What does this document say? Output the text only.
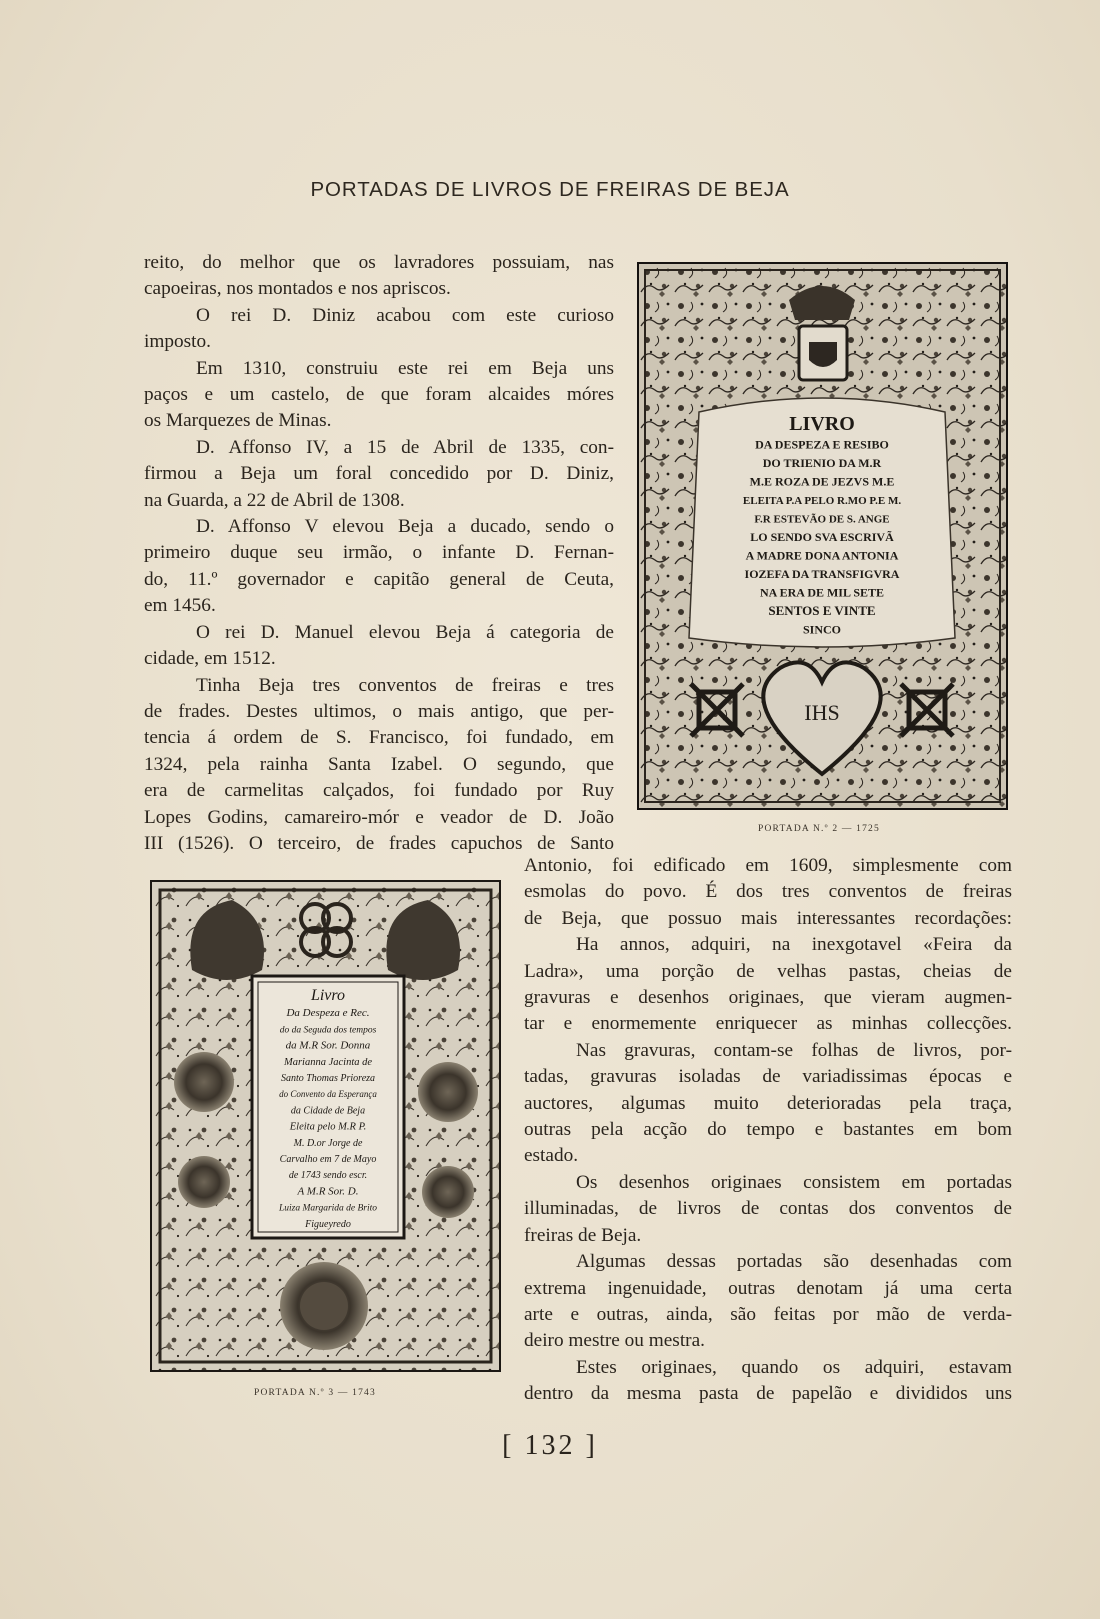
PORTADAS DE LIVROS DE FREIRAS DE BEJA
reito, do melhor que os lavradores possuiam, nas
capoeiras, nos montados e nos apriscos.
O rei D. Diniz acabou com este curioso
imposto.
Em 1310, construiu este rei em Beja uns
paços e um castelo, de que foram alcaides móres
os Marquezes de Minas.
D. Affonso IV, a 15 de Abril de 1335, con-
firmou a Beja um foral concedido por D. Diniz,
na Guarda, a 22 de Abril de 1308.
D. Affonso V elevou Beja a ducado, sendo o
primeiro duque seu irmão, o infante D. Fernan-
do, 11.º governador e capitão general de Ceuta,
em 1456.
O rei D. Manuel elevou Beja á categoria de
cidade, em 1512.
Tinha Beja tres conventos de freiras e tres
de frades. Destes ultimos, o mais antigo, que per-
tencia á ordem de S. Francisco, foi fundado, em
1324, pela rainha Santa Izabel. O segundo, que
era de carmelitas calçados, foi fundado por Ruy
Lopes Godins, camareiro-mór e veador de D. João
III (1526). O terceiro, de frades capuchos de Santo
LIVRO
DA DESPEZA E RESIBO
DO TRIENIO DA M.R
M.E ROZA DE JEZVS M.E
ELEITA P.A PELO R.MO P.E M.
F.R ESTEVÃO DE S. ANGE
LO SENDO SVA ESCRIVÃ
A MADRE DONA ANTONIA
IOZEFA DA TRANSFIGVRA
NA ERA DE MIL SETE
SENTOS E VINTE
SINCO
IHS
PORTADA N.º 2 — 1725
Livro
Da Despeza e Rec.
do da Seguda dos tempos
da M.R Sor. Donna
Marianna Jacinta de
Santo Thomas Prioreza
do Convento da Esperança
da Cidade de Beja
Eleita pelo M.R P.
M. D.or Jorge de
Carvalho em 7 de Mayo
de 1743 sendo escr.
A M.R Sor. D.
Luiza Margarida de Brito
Figueyredo
PORTADA N.º 3 — 1743
Antonio, foi edificado em 1609, simplesmente com
esmolas do povo. É dos tres conventos de freiras
de Beja, que possuo mais interessantes recordações:
Ha annos, adquiri, na inexgotavel «Feira da
Ladra», uma porção de velhas pastas, cheias de
gravuras e desenhos originaes, que vieram augmen-
tar e enormemente enriquecer as minhas collecções.
Nas gravuras, contam-se folhas de livros, por-
tadas, gravuras isoladas de variadissimas épocas e
auctores, algumas muito deterioradas pela traça,
outras pela acção do tempo e bastantes em bom
estado.
Os desenhos originaes consistem em portadas
illuminadas, de livros de contas dos conventos de
freiras de Beja.
Algumas dessas portadas são desenhadas com
extrema ingenuidade, outras denotam já uma certa
arte e outras, ainda, são feitas por mão de verda-
deiro mestre ou mestra.
Estes originaes, quando os adquiri, estavam
dentro da mesma pasta de papelão e divididos uns
[ 132 ]
